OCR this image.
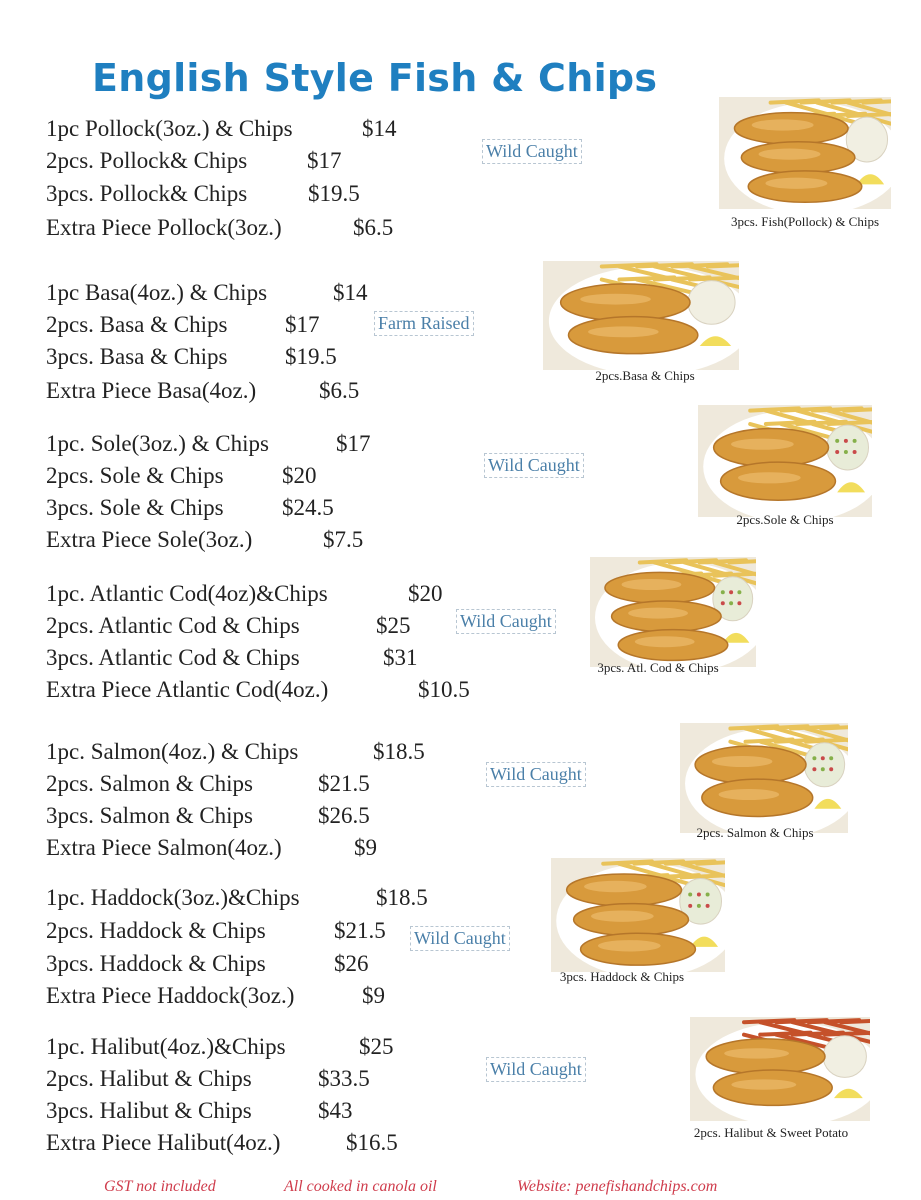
English Style Fish & Chips
1pc Pollock(3oz.) & Chips	$14
2pcs. Pollock& Chips	$17
3pcs. Pollock& Chips	$19.5
Extra Piece Pollock(3oz.)	$6.5
Wild Caught
3pcs. Fish(Pollock) & Chips
1pc Basa(4oz.) & Chips	$14
2pcs. Basa & Chips	$17
3pcs. Basa & Chips	$19.5
Extra Piece Basa(4oz.)	$6.5
Farm Raised
2pcs.Basa & Chips
1pc. Sole(3oz.) & Chips	$17
2pcs. Sole & Chips	$20
3pcs. Sole & Chips	$24.5
Extra Piece Sole(3oz.)	$7.5
Wild Caught
2pcs.Sole & Chips
1pc. Atlantic Cod(4oz)&Chips	$20
2pcs. Atlantic Cod & Chips	$25
3pcs. Atlantic Cod & Chips	$31
Extra Piece Atlantic Cod(4oz.)	$10.5
Wild Caught
3pcs. Atl. Cod & Chips
1pc. Salmon(4oz.) & Chips	$18.5
2pcs. Salmon & Chips	$21.5
3pcs. Salmon & Chips	$26.5
Extra Piece Salmon(4oz.)	$9
Wild Caught
2pcs. Salmon & Chips
1pc. Haddock(3oz.)&Chips	$18.5
2pcs. Haddock & Chips	$21.5
3pcs. Haddock & Chips	$26
Extra Piece Haddock(3oz.)	$9
Wild Caught
3pcs. Haddock & Chips
1pc. Halibut(4oz.)&Chips	$25
2pcs. Halibut & Chips	$33.5
3pcs. Halibut & Chips	$43
Extra Piece Halibut(4oz.)	$16.5
Wild Caught
2pcs. Halibut & Sweet Potato
GST not included	All cooked in canola oil	Website: penefishandchips.com
